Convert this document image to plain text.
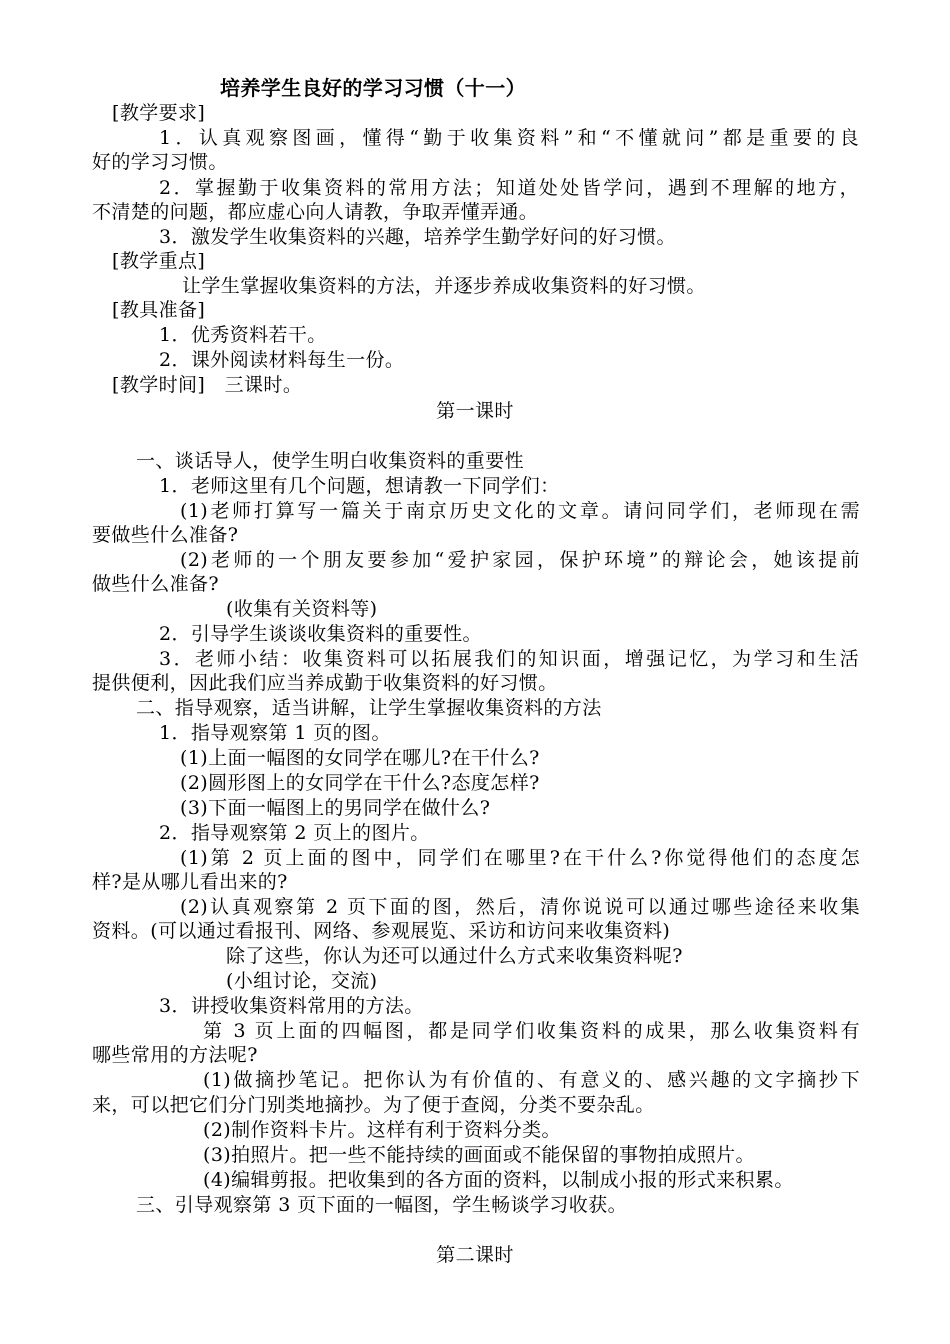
培养学生良好的学习习惯（十一）
[教学要求]
1．认真观察图画，懂得“勤于收集资料”和“不懂就问”都是重要的良
好的学习习惯。
2．掌握勤于收集资料的常用方法；知道处处皆学问，遇到不理解的地方，
不清楚的问题，都应虚心向人请教，争取弄懂弄通。
3．激发学生收集资料的兴趣，培养学生勤学好问的好习惯。
[教学重点]
让学生掌握收集资料的方法，并逐步养成收集资料的好习惯。
[教具准备]
1．优秀资料若干。
2．课外阅读材料每生一份。
[教学时间]　三课时。
第一课时
一、谈话导人，使学生明白收集资料的重要性
1．老师这里有几个问题，想请教一下同学们：
(1)老师打算写一篇关于南京历史文化的文章。请问同学们，老师现在需
要做些什么准备?
(2)老师的一个朋友要参加“爱护家园，保护环境”的辩论会，她该提前
做些什么准备?
(收集有关资料等)
2．引导学生谈谈收集资料的重要性。
3．老师小结：收集资料可以拓展我们的知识面，增强记忆，为学习和生活
提供便利，因此我们应当养成勤于收集资料的好习惯。
二、指导观察，适当讲解，让学生掌握收集资料的方法
1．指导观察第 1 页的图。
(1)上面一幅图的女同学在哪儿?在干什么?
(2)圆形图上的女同学在干什么?态度怎样?
(3)下面一幅图上的男同学在做什么?
2．指导观察第 2 页上的图片。
(1)第 2 页上面的图中，同学们在哪里?在干什么?你觉得他们的态度怎
样?是从哪儿看出来的?
(2)认真观察第 2 页下面的图，然后，清你说说可以通过哪些途径来收集
资料。(可以通过看报刊、网络、参观展览、采访和访问来收集资料)
除了这些，你认为还可以通过什么方式来收集资料呢?
(小组讨论，交流)
3．讲授收集资料常用的方法。
第 3 页上面的四幅图，都是同学们收集资料的成果，那么收集资料有
哪些常用的方法呢?
(1)做摘抄笔记。把你认为有价值的、有意义的、感兴趣的文字摘抄下
来，可以把它们分门别类地摘抄。为了便于查阅，分类不要杂乱。
(2)制作资料卡片。这样有利于资料分类。
(3)拍照片。把一些不能持续的画面或不能保留的事物拍成照片。
(4)编辑剪报。把收集到的各方面的资料，以制成小报的形式来积累。
三、引导观察第 3 页下面的一幅图，学生畅谈学习收获。
第二课时
